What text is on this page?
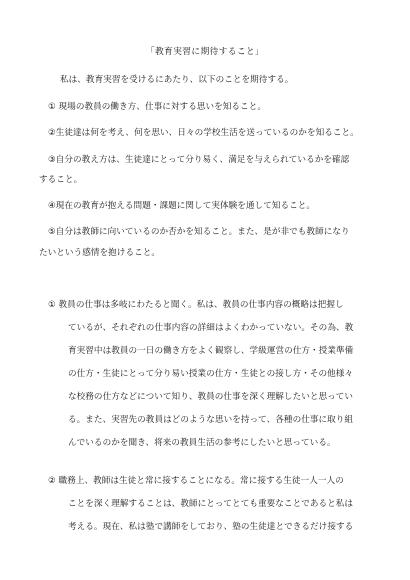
「教育実習に期待すること」
私は、教育実習を受けるにあたり、以下のことを期待する。
① 現場の教員の働き方、仕事に対する思いを知ること。
②生徒達は何を考え、何を思い、日々の学校生活を送っているのかを知ること。
③自分の教え方は、生徒達にとって分り易く、満足を与えられているかを確認
すること。
④現在の教育が抱える問題・課題に関して実体験を通して知ること。
⑤自分は教師に向いているのか否かを知ること。また、是が非でも教師になり
たいという感情を抱けること。
① 教員の仕事は多岐にわたると聞く。私は、教員の仕事内容の概略は把握し
ているが、それぞれの仕事内容の詳細はよくわかっていない。その為、教
育実習中は教員の一日の働き方をよく観察し、学級運営の仕方・授業準備
の仕方・生徒にとって分り易い授業の仕方・生徒との接し方・その他様々
な校務の仕方などについて知り、教員の仕事を深く理解したいと思ってい
る。また、実習先の教員はどのような思いを持って、各種の仕事に取り組
んでいるのかを聞き、将来の教員生活の参考にしたいと思っている。
② 職務上、教師は生徒と常に接することになる。常に接する生徒一人一人の
ことを深く理解することは、教師にとってとても重要なことであると私は
考える。現在、私は塾で講師をしており、塾の生徒達とできるだけ接する
